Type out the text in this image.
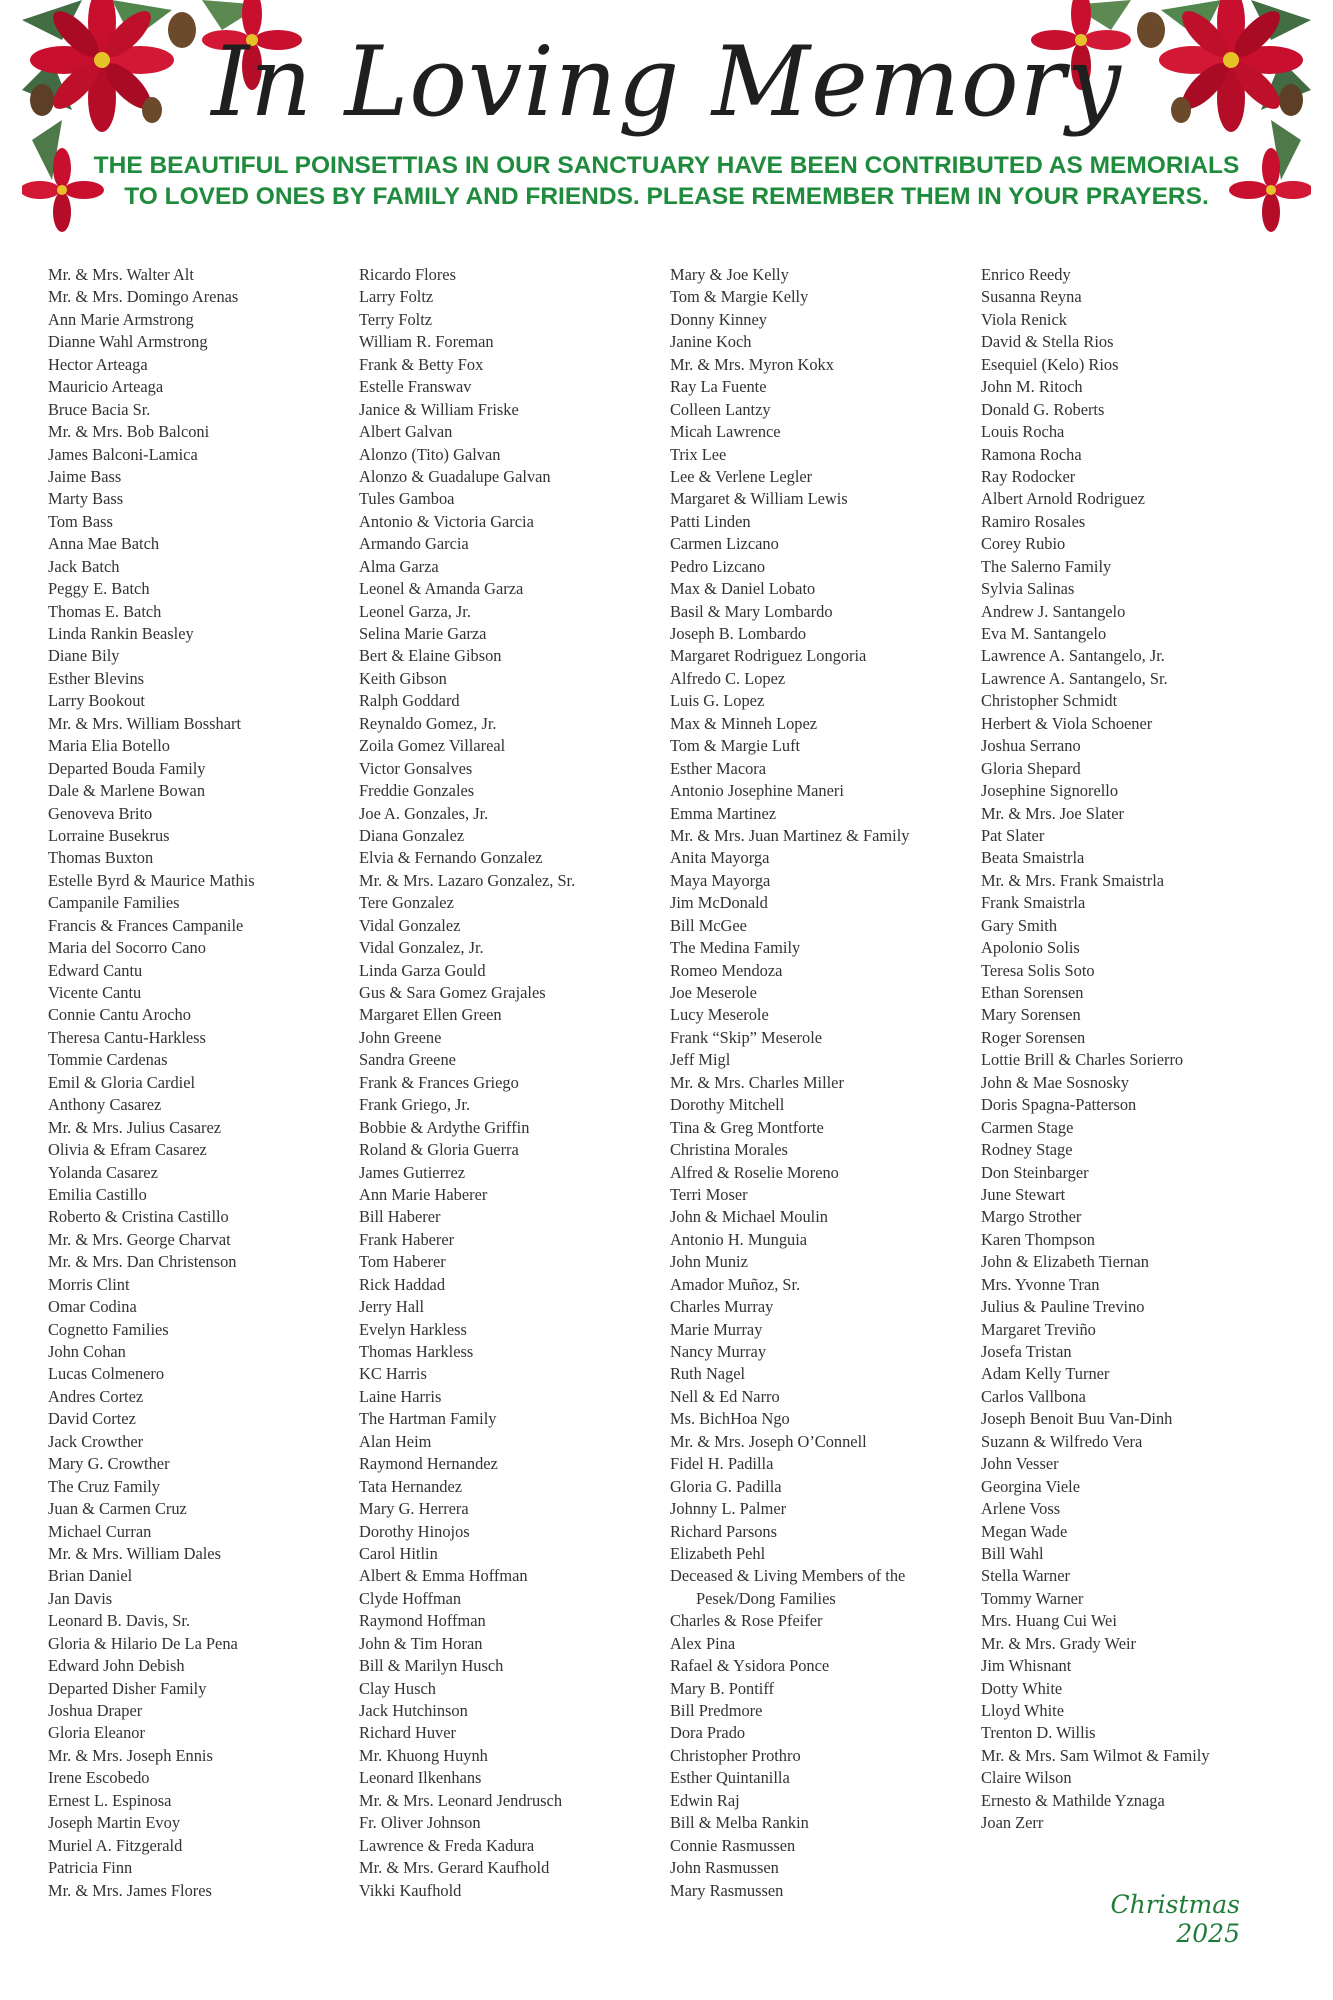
In Loving Memory
THE BEAUTIFUL POINSETTIAS IN OUR SANCTUARY HAVE BEEN CONTRIBUTED AS MEMORIALS
TO LOVED ONES BY FAMILY AND FRIENDS. PLEASE REMEMBER THEM IN YOUR PRAYERS.
Mr. & Mrs. Walter Alt
Mr. & Mrs. Domingo Arenas
Ann Marie Armstrong
Dianne Wahl Armstrong
Hector Arteaga
Mauricio Arteaga
Bruce Bacia Sr.
Mr. & Mrs. Bob Balconi
James Balconi-Lamica
Jaime Bass
Marty Bass
Tom Bass
Anna Mae Batch
Jack Batch
Peggy E. Batch
Thomas E. Batch
Linda Rankin Beasley
Diane Bily
Esther Blevins
Larry Bookout
Mr. & Mrs. William Bosshart
Maria Elia Botello
Departed Bouda Family
Dale & Marlene Bowan
Genoveva Brito
Lorraine Busekrus
Thomas Buxton
Estelle Byrd & Maurice Mathis
Campanile Families
Francis & Frances Campanile
Maria del Socorro Cano
Edward Cantu
Vicente Cantu
Connie Cantu Arocho
Theresa Cantu-Harkless
Tommie Cardenas
Emil & Gloria Cardiel
Anthony Casarez
Mr. & Mrs. Julius Casarez
Olivia & Efram Casarez
Yolanda Casarez
Emilia Castillo
Roberto & Cristina Castillo
Mr. & Mrs. George Charvat
Mr. & Mrs. Dan Christenson
Morris Clint
Omar Codina
Cognetto Families
John Cohan
Lucas Colmenero
Andres Cortez
David Cortez
Jack Crowther
Mary G. Crowther
The Cruz Family
Juan & Carmen Cruz
Michael Curran
Mr. & Mrs. William Dales
Brian Daniel
Jan Davis
Leonard B. Davis, Sr.
Gloria & Hilario De La Pena
Edward John Debish
Departed Disher Family
Joshua Draper
Gloria Eleanor
Mr. & Mrs. Joseph Ennis
Irene Escobedo
Ernest L. Espinosa
Joseph Martin Evoy
Muriel A. Fitzgerald
Patricia Finn
Mr. & Mrs. James Flores
Ricardo Flores
Larry Foltz
Terry Foltz
William R. Foreman
Frank & Betty Fox
Estelle Franswav
Janice & William Friske
Albert Galvan
Alonzo (Tito) Galvan
Alonzo & Guadalupe Galvan
Tules Gamboa
Antonio & Victoria Garcia
Armando Garcia
Alma Garza
Leonel & Amanda Garza
Leonel Garza, Jr.
Selina Marie Garza
Bert & Elaine Gibson
Keith Gibson
Ralph Goddard
Reynaldo Gomez, Jr.
Zoila Gomez Villareal
Victor Gonsalves
Freddie Gonzales
Joe A. Gonzales, Jr.
Diana Gonzalez
Elvia & Fernando Gonzalez
Mr. & Mrs. Lazaro Gonzalez, Sr.
Tere Gonzalez
Vidal Gonzalez
Vidal Gonzalez, Jr.
Linda Garza Gould
Gus & Sara Gomez Grajales
Margaret Ellen Green
John Greene
Sandra Greene
Frank & Frances Griego
Frank Griego, Jr.
Bobbie & Ardythe Griffin
Roland & Gloria Guerra
James Gutierrez
Ann Marie Haberer
Bill Haberer
Frank Haberer
Tom Haberer
Rick Haddad
Jerry Hall
Evelyn Harkless
Thomas Harkless
KC Harris
Laine Harris
The Hartman Family
Alan Heim
Raymond Hernandez
Tata Hernandez
Mary G. Herrera
Dorothy Hinojos
Carol Hitlin
Albert & Emma Hoffman
Clyde Hoffman
Raymond Hoffman
John & Tim Horan
Bill & Marilyn Husch
Clay Husch
Jack Hutchinson
Richard Huver
Mr. Khuong Huynh
Leonard Ilkenhans
Mr. & Mrs. Leonard Jendrusch
Fr. Oliver Johnson
Lawrence & Freda Kadura
Mr. & Mrs. Gerard Kaufhold
Vikki Kaufhold
Mary & Joe Kelly
Tom & Margie Kelly
Donny Kinney
Janine Koch
Mr. & Mrs. Myron Kokx
Ray La Fuente
Colleen Lantzy
Micah Lawrence
Trix Lee
Lee & Verlene Legler
Margaret & William Lewis
Patti Linden
Carmen Lizcano
Pedro Lizcano
Max & Daniel Lobato
Basil & Mary Lombardo
Joseph B. Lombardo
Margaret Rodriguez Longoria
Alfredo C. Lopez
Luis G. Lopez
Max & Minneh Lopez
Tom & Margie Luft
Esther Macora
Antonio Josephine Maneri
Emma Martinez
Mr. & Mrs. Juan Martinez & Family
Anita Mayorga
Maya Mayorga
Jim McDonald
Bill McGee
The Medina Family
Romeo Mendoza
Joe Meserole
Lucy Meserole
Frank “Skip” Meserole
Jeff Migl
Mr. & Mrs. Charles Miller
Dorothy Mitchell
Tina & Greg Montforte
Christina Morales
Alfred & Roselie Moreno
Terri Moser
John & Michael Moulin
Antonio H. Munguia
John Muniz
Amador Muñoz, Sr.
Charles Murray
Marie Murray
Nancy Murray
Ruth Nagel
Nell & Ed Narro
Ms. BichHoa Ngo
Mr. & Mrs. Joseph O’Connell
Fidel H. Padilla
Gloria G. Padilla
Johnny L. Palmer
Richard Parsons
Elizabeth Pehl
Deceased & Living Members of the
Pesek/Dong Families
Charles & Rose Pfeifer
Alex Pina
Rafael & Ysidora Ponce
Mary B. Pontiff
Bill Predmore
Dora Prado
Christopher Prothro
Esther Quintanilla
Edwin Raj
Bill & Melba Rankin
Connie Rasmussen
John Rasmussen
Mary Rasmussen
Enrico Reedy
Susanna Reyna
Viola Renick
David & Stella Rios
Esequiel (Kelo) Rios
John M. Ritoch
Donald G. Roberts
Louis Rocha
Ramona Rocha
Ray Rodocker
Albert Arnold Rodriguez
Ramiro Rosales
Corey Rubio
The Salerno Family
Sylvia Salinas
Andrew J. Santangelo
Eva M. Santangelo
Lawrence A. Santangelo, Jr.
Lawrence A. Santangelo, Sr.
Christopher Schmidt
Herbert & Viola Schoener
Joshua Serrano
Gloria Shepard
Josephine Signorello
Mr. & Mrs. Joe Slater
Pat Slater
Beata Smaistrla
Mr. & Mrs. Frank Smaistrla
Frank Smaistrla
Gary Smith
Apolonio Solis
Teresa Solis Soto
Ethan Sorensen
Mary Sorensen
Roger Sorensen
Lottie Brill & Charles Sorierro
John & Mae Sosnosky
Doris Spagna-Patterson
Carmen Stage
Rodney Stage
Don Steinbarger
June Stewart
Margo Strother
Karen Thompson
John & Elizabeth Tiernan
Mrs. Yvonne Tran
Julius & Pauline Trevino
Margaret Treviño
Josefa Tristan
Adam Kelly Turner
Carlos Vallbona
Joseph Benoit Buu Van-Dinh
Suzann & Wilfredo Vera
John Vesser
Georgina Viele
Arlene Voss
Megan Wade
Bill Wahl
Stella Warner
Tommy Warner
Mrs. Huang Cui Wei
Mr. & Mrs. Grady Weir
Jim Whisnant
Dotty White
Lloyd White
Trenton D. Willis
Mr. & Mrs. Sam Wilmot & Family
Claire Wilson
Ernesto & Mathilde Yznaga
Joan Zerr
Christmas 2025
